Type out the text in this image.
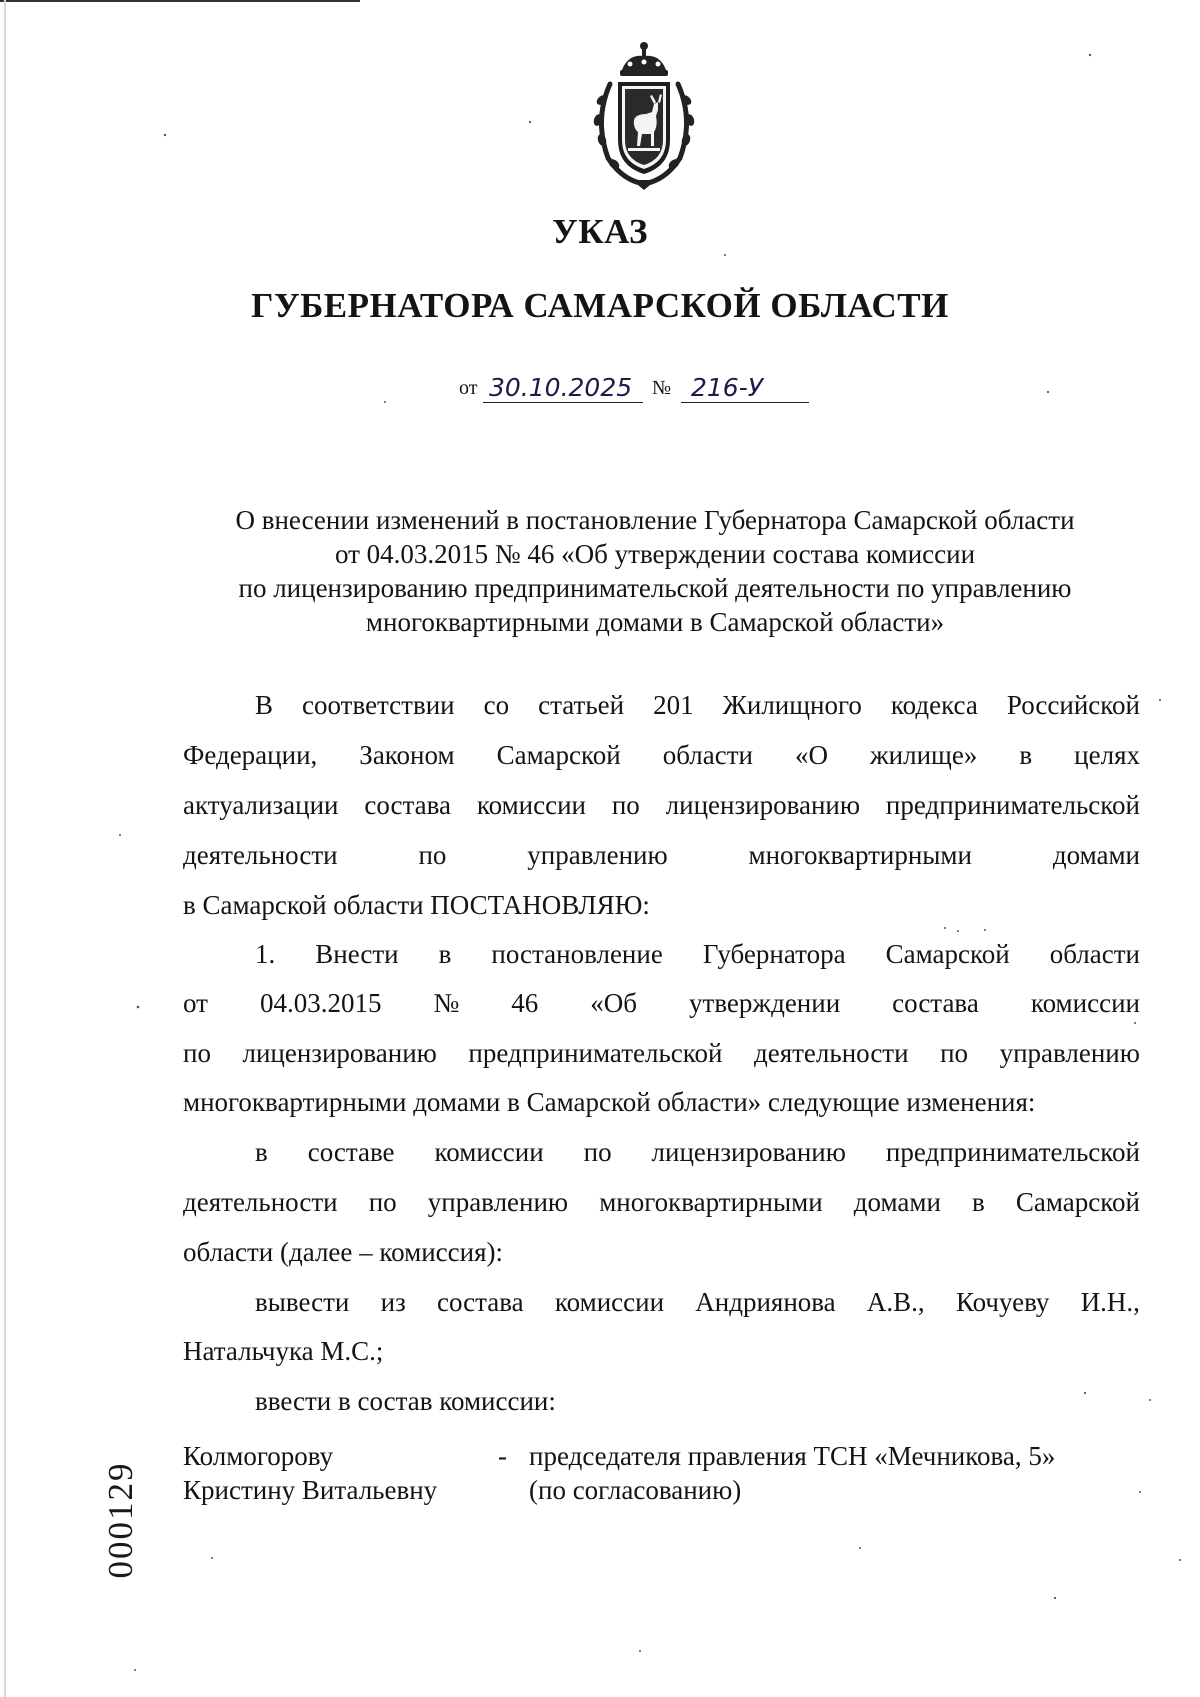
УКАЗ
ГУБЕРНАТОРА САМАРСКОЙ ОБЛАСТИ
от 30.10.2025 № 216-У
О внесении изменений в постановление Губернатора Самарской области
от 04.03.2015 № 46 «Об утверждении состава комиссии
по лицензированию предпринимательской деятельности по управлению
многоквартирными домами в Самарской области»
В соответствии со статьей 201 Жилищного кодекса Российской
Федерации, Законом Самарской области «О жилище» в целях
актуализации состава комиссии по лицензированию предпринимательской
деятельности	по	управлению	многоквартирными	домами
в Самарской области ПОСТАНОВЛЯЮ:
1. Внести в постановление Губернатора Самарской области
от 04.03.2015 № 46 «Об утверждении состава комиссии
по лицензированию предпринимательской деятельности по управлению
многоквартирными домами в Самарской области» следующие изменения:
в составе комиссии по лицензированию предпринимательской
деятельности по управлению многоквартирными домами в Самарской
области (далее – комиссия):
вывести из состава комиссии Андриянова А.В., Кочуеву И.Н.,
Натальчука М.С.;
ввести в состав комиссии:
Колмогорову
Кристину Витальевну
- председателя правления ТСН «Мечникова, 5»
(по согласованию)
000129
